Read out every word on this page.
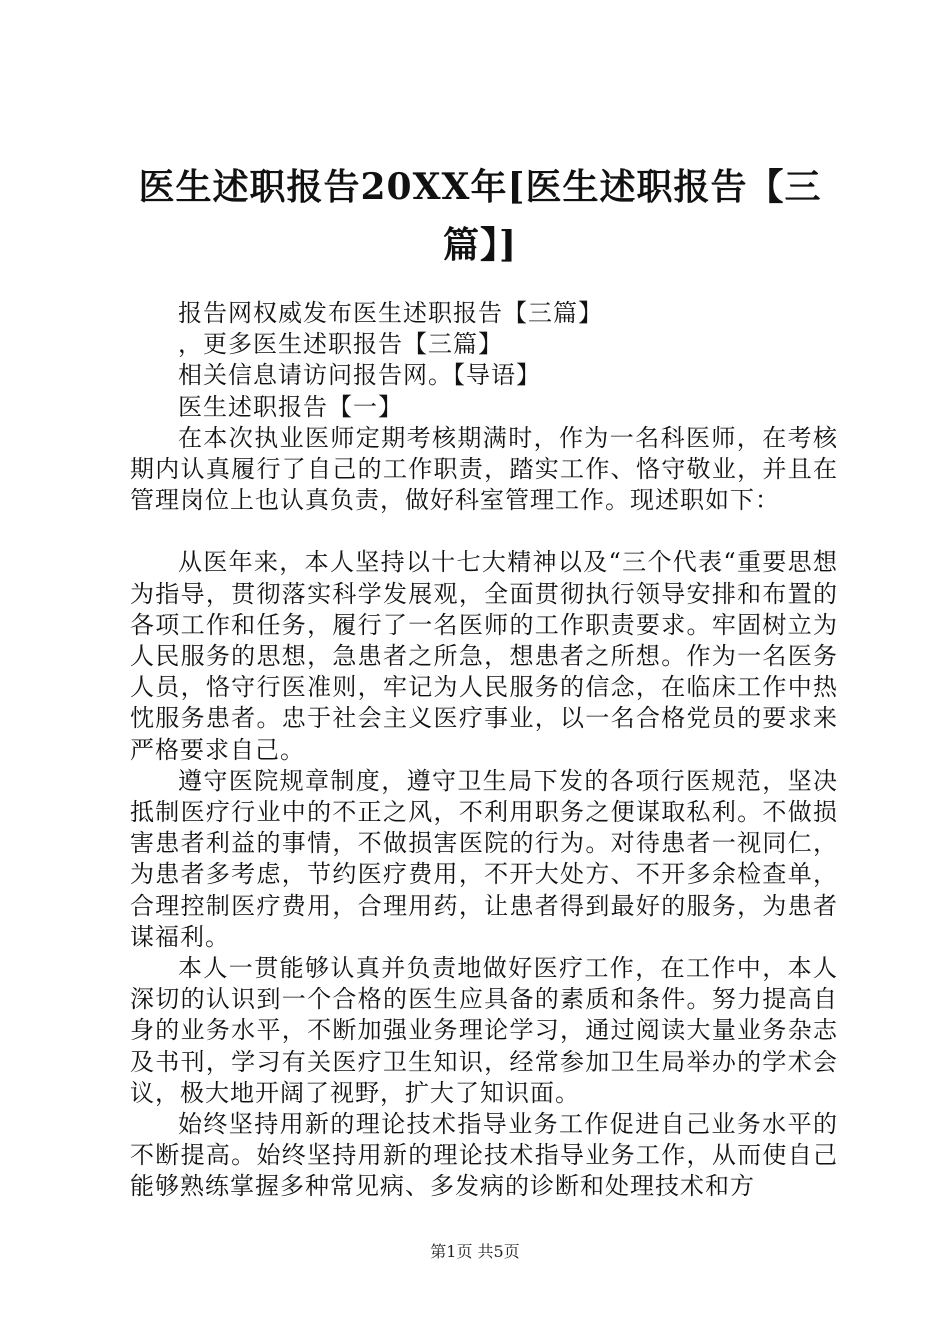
医生述职报告20XX年[医生述职报告【三篇】]

报告网权威发布医生述职报告【三篇】

，更多医生述职报告【三篇】

相关信息请访问报告网。【导语】

医生述职报告【一】

在本次执业医师定期考核期满时，作为一名科医师，在考核期内认真履行了自己的工作职责，踏实工作、恪守敬业，并且在管理岗位上也认真负责，做好科室管理工作。现述职如下：

从医年来，本人坚持以十七大精神以及“三个代表“重要思想为指导，贯彻落实科学发展观，全面贯彻执行领导安排和布置的各项工作和任务，履行了一名医师的工作职责要求。牢固树立为人民服务的思想，急患者之所急，想患者之所想。作为一名医务人员，恪守行医准则，牢记为人民服务的信念，在临床工作中热忱服务患者。忠于社会主义医疗事业，以一名合格党员的要求来严格要求自己。

遵守医院规章制度，遵守卫生局下发的各项行医规范，坚决抵制医疗行业中的不正之风，不利用职务之便谋取私利。不做损害患者利益的事情，不做损害医院的行为。对待患者一视同仁，为患者多考虑，节约医疗费用，不开大处方、不开多余检查单，合理控制医疗费用，合理用药，让患者得到最好的服务，为患者谋福利。

本人一贯能够认真并负责地做好医疗工作，在工作中，本人深切的认识到一个合格的医生应具备的素质和条件。努力提高自身的业务水平，不断加强业务理论学习，通过阅读大量业务杂志及书刊，学习有关医疗卫生知识，经常参加卫生局举办的学术会议，极大地开阔了视野，扩大了知识面。

始终坚持用新的理论技术指导业务工作促进自己业务水平的不断提高。始终坚持用新的理论技术指导业务工作，从而使自己能够熟练掌握多种常见病、多发病的诊断和处理技术和方

第1页 共5页
